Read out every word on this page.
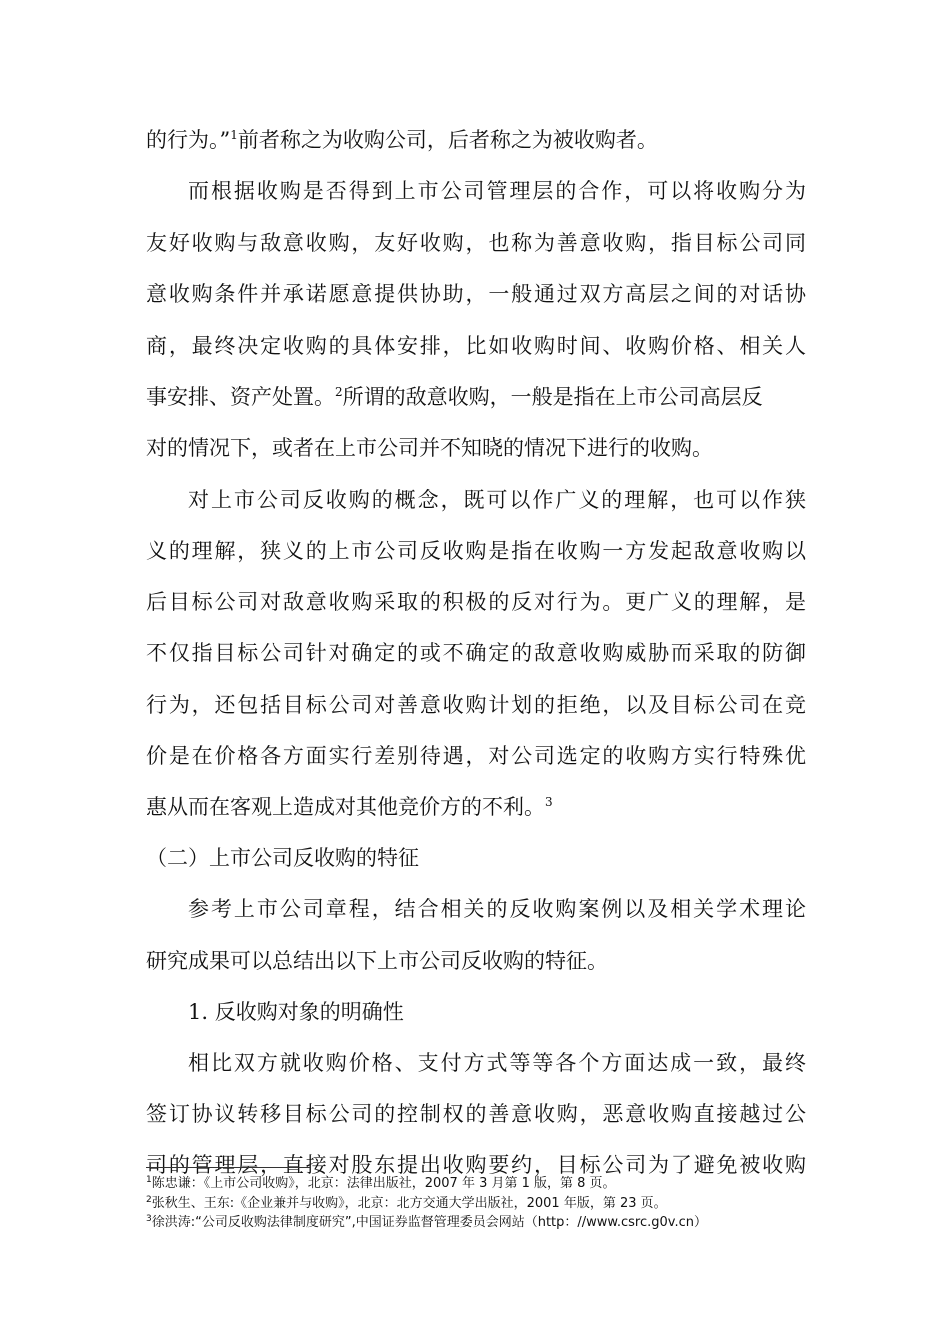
的行为。”$^1$前者称之为收购公司，后者称之为被收购者。
而根据收购是否得到上市公司管理层的合作，可以将收购分为
友好收购与敌意收购，友好收购，也称为善意收购，指目标公司同
意收购条件并承诺愿意提供协助，一般通过双方高层之间的对话协
商，最终决定收购的具体安排，比如收购时间、收购价格、相关人
事安排、资产处置。$^2$所谓的敌意收购，一般是指在上市公司高层反
对的情况下，或者在上市公司并不知晓的情况下进行的收购。
对上市公司反收购的概念，既可以作广义的理解，也可以作狭
义的理解，狭义的上市公司反收购是指在收购一方发起敌意收购以
后目标公司对敌意收购采取的积极的反对行为。更广义的理解，是
不仅指目标公司针对确定的或不确定的敌意收购威胁而采取的防御
行为，还包括目标公司对善意收购计划的拒绝，以及目标公司在竞
价是在价格各方面实行差别待遇，对公司选定的收购方实行特殊优
惠从而在客观上造成对其他竞价方的不利。$^3$
（二）上市公司反收购的特征
参考上市公司章程，结合相关的反收购案例以及相关学术理论
研究成果可以总结出以下上市公司反收购的特征。
1. 反收购对象的明确性
相比双方就收购价格、支付方式等等各个方面达成一致，最终
签订协议转移目标公司的控制权的善意收购，恶意收购直接越过公
司的管理层，直接对股东提出收购要约，目标公司为了避免被收购
$^1$陈忠谦：《上市公司收购》，北京：法律出版社，2007 年 3 月第 1 版，第 8 页。
$^2$张秋生、王东:《企业兼并与收购》，北京：北方交通大学出版社，2001 年版，第 23 页。
$^3$徐洪涛:“公司反收购法律制度研究”,中国证券监督管理委员会网站（http：//www.csrc.g0v.cn）
